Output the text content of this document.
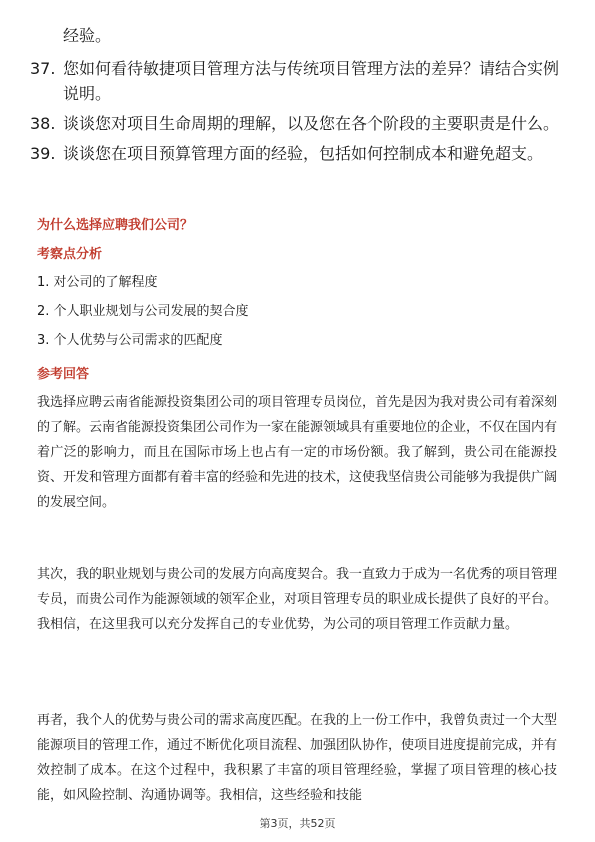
经验。

37. 您如何看待敏捷项目管理方法与传统项目管理方法的差异？请结合实例说明。
38. 谈谈您对项目生命周期的理解，以及您在各个阶段的主要职责是什么。
39. 谈谈您在项目预算管理方面的经验，包括如何控制成本和避免超支。

为什么选择应聘我们公司？

考察点分析

1. 对公司的了解程度

2. 个人职业规划与公司发展的契合度

3. 个人优势与公司需求的匹配度

参考回答

我选择应聘云南省能源投资集团公司的项目管理专员岗位，首先是因为我对贵公司有着深刻的了解。云南省能源投资集团公司作为一家在能源领域具有重要地位的企业，不仅在国内有着广泛的影响力，而且在国际市场上也占有一定的市场份额。我了解到，贵公司在能源投资、开发和管理方面都有着丰富的经验和先进的技术，这使我坚信贵公司能够为我提供广阔的发展空间。

其次，我的职业规划与贵公司的发展方向高度契合。我一直致力于成为一名优秀的项目管理专员，而贵公司作为能源领域的领军企业，对项目管理专员的职业成长提供了良好的平台。我相信，在这里我可以充分发挥自己的专业优势，为公司的项目管理工作贡献力量。

再者，我个人的优势与贵公司的需求高度匹配。在我的上一份工作中，我曾负责过一个大型能源项目的管理工作，通过不断优化项目流程、加强团队协作，使项目进度提前完成，并有效控制了成本。在这个过程中，我积累了丰富的项目管理经验，掌握了项目管理的核心技能，如风险控制、沟通协调等。我相信，这些经验和技能

第3页，共52页
